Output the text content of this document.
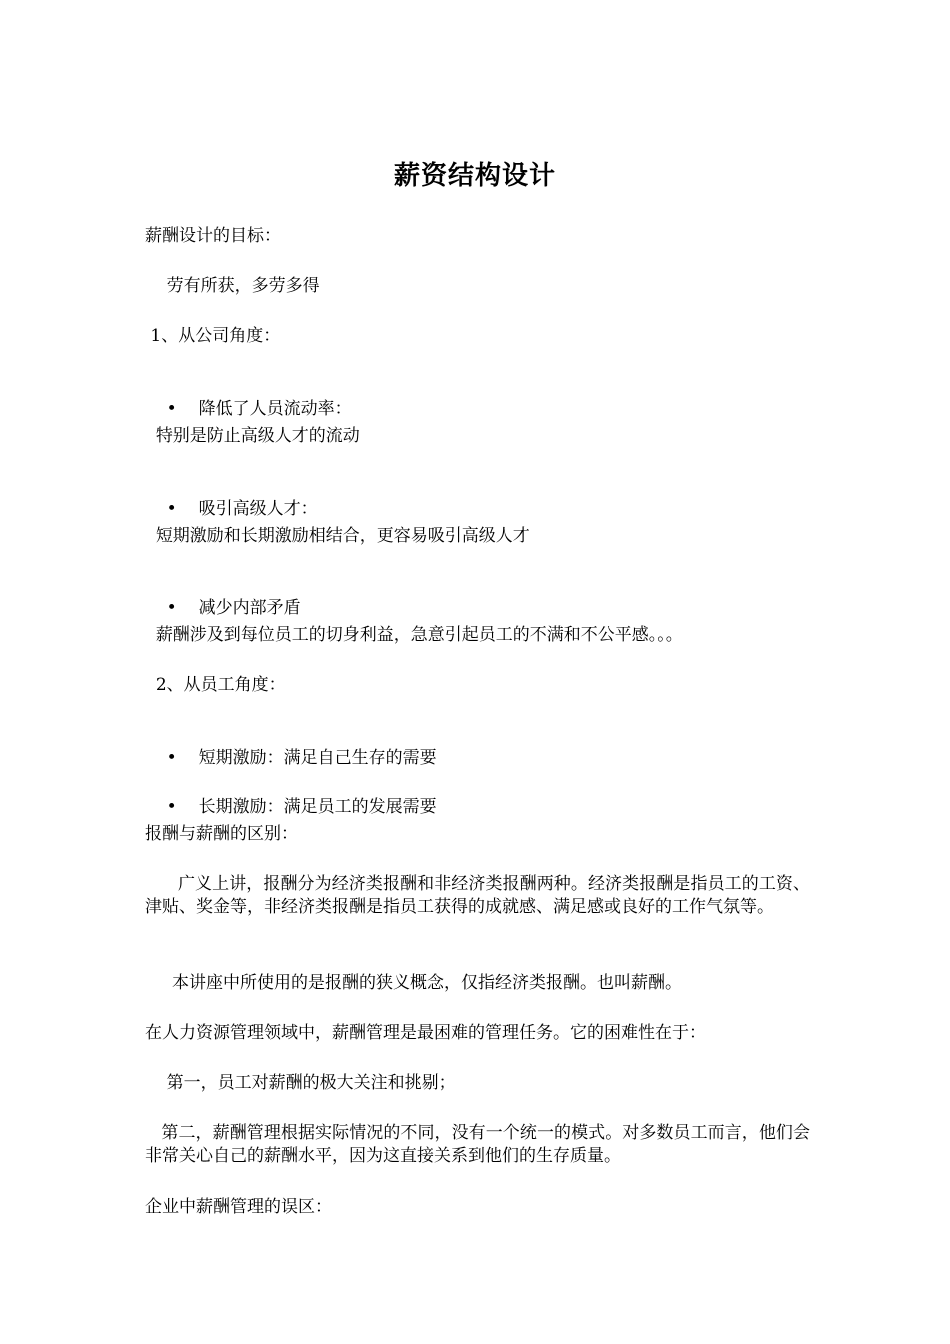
薪资结构设计
薪酬设计的目标：
劳有所获，多劳多得
1、从公司角度：

• 降低了人员流动率：

特别是防止高级人才的流动

• 吸引高级人才：

短期激励和长期激励相结合，更容易吸引高级人才

• 减少内部矛盾

薪酬涉及到每位员工的切身利益，急意引起员工的不满和不公平感。。。
2、从员工角度：

• 短期激励：满足自己生存的需要

• 长期激励：满足员工的发展需要

报酬与薪酬的区别：
广义上讲，报酬分为经济类报酬和非经济类报酬两种。经济类报酬是指员工的工资、津贴、奖金等，非经济类报酬是指员工获得的成就感、满足感或良好的工作气氛等。
本讲座中所使用的是报酬的狭义概念，仅指经济类报酬。也叫薪酬。
在人力资源管理领域中，薪酬管理是最困难的管理任务。它的困难性在于：
第一，员工对薪酬的极大关注和挑剔；
第二，薪酬管理根据实际情况的不同，没有一个统一的模式。对多数员工而言，他们会非常关心自己的薪酬水平，因为这直接关系到他们的生存质量。
企业中薪酬管理的误区：
